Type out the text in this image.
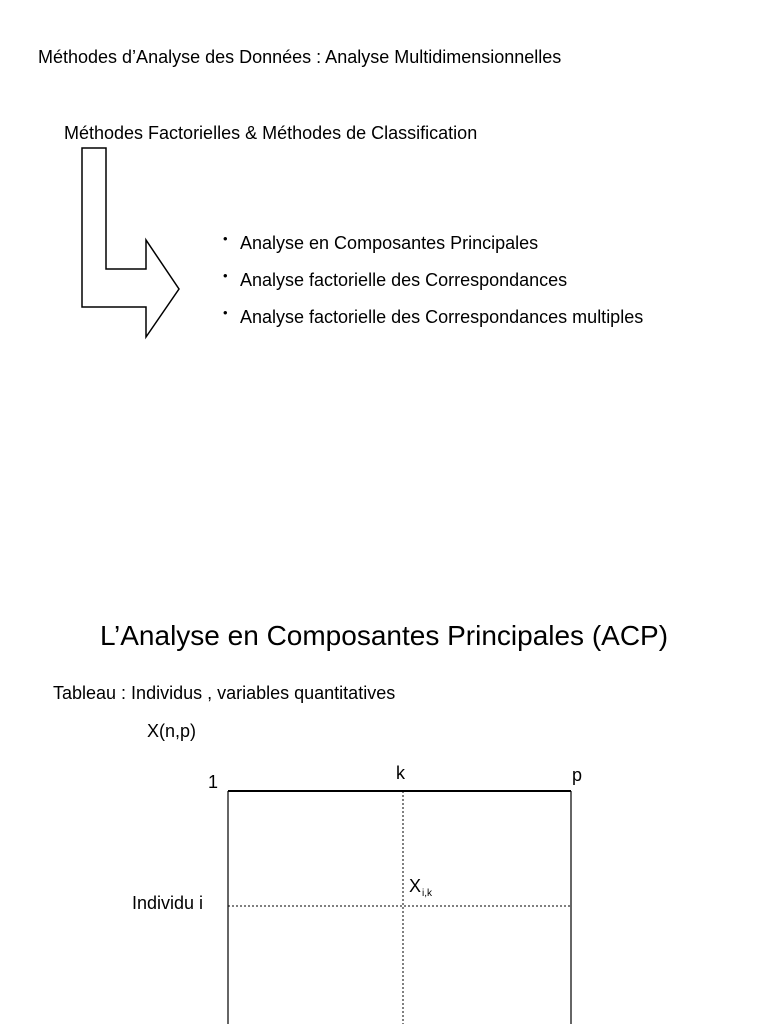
Méthodes d’Analyse des Données : Analyse Multidimensionnelles
Méthodes Factorielles & Méthodes de Classification
• Analyse en Composantes Principales
• Analyse factorielle des Correspondances
• Analyse factorielle des Correspondances multiples
L’Analyse en Composantes Principales (ACP)
Tableau : Individus , variables quantitatives
X(n,p)
1	k	p
Individu i
$X_{i,k}$
